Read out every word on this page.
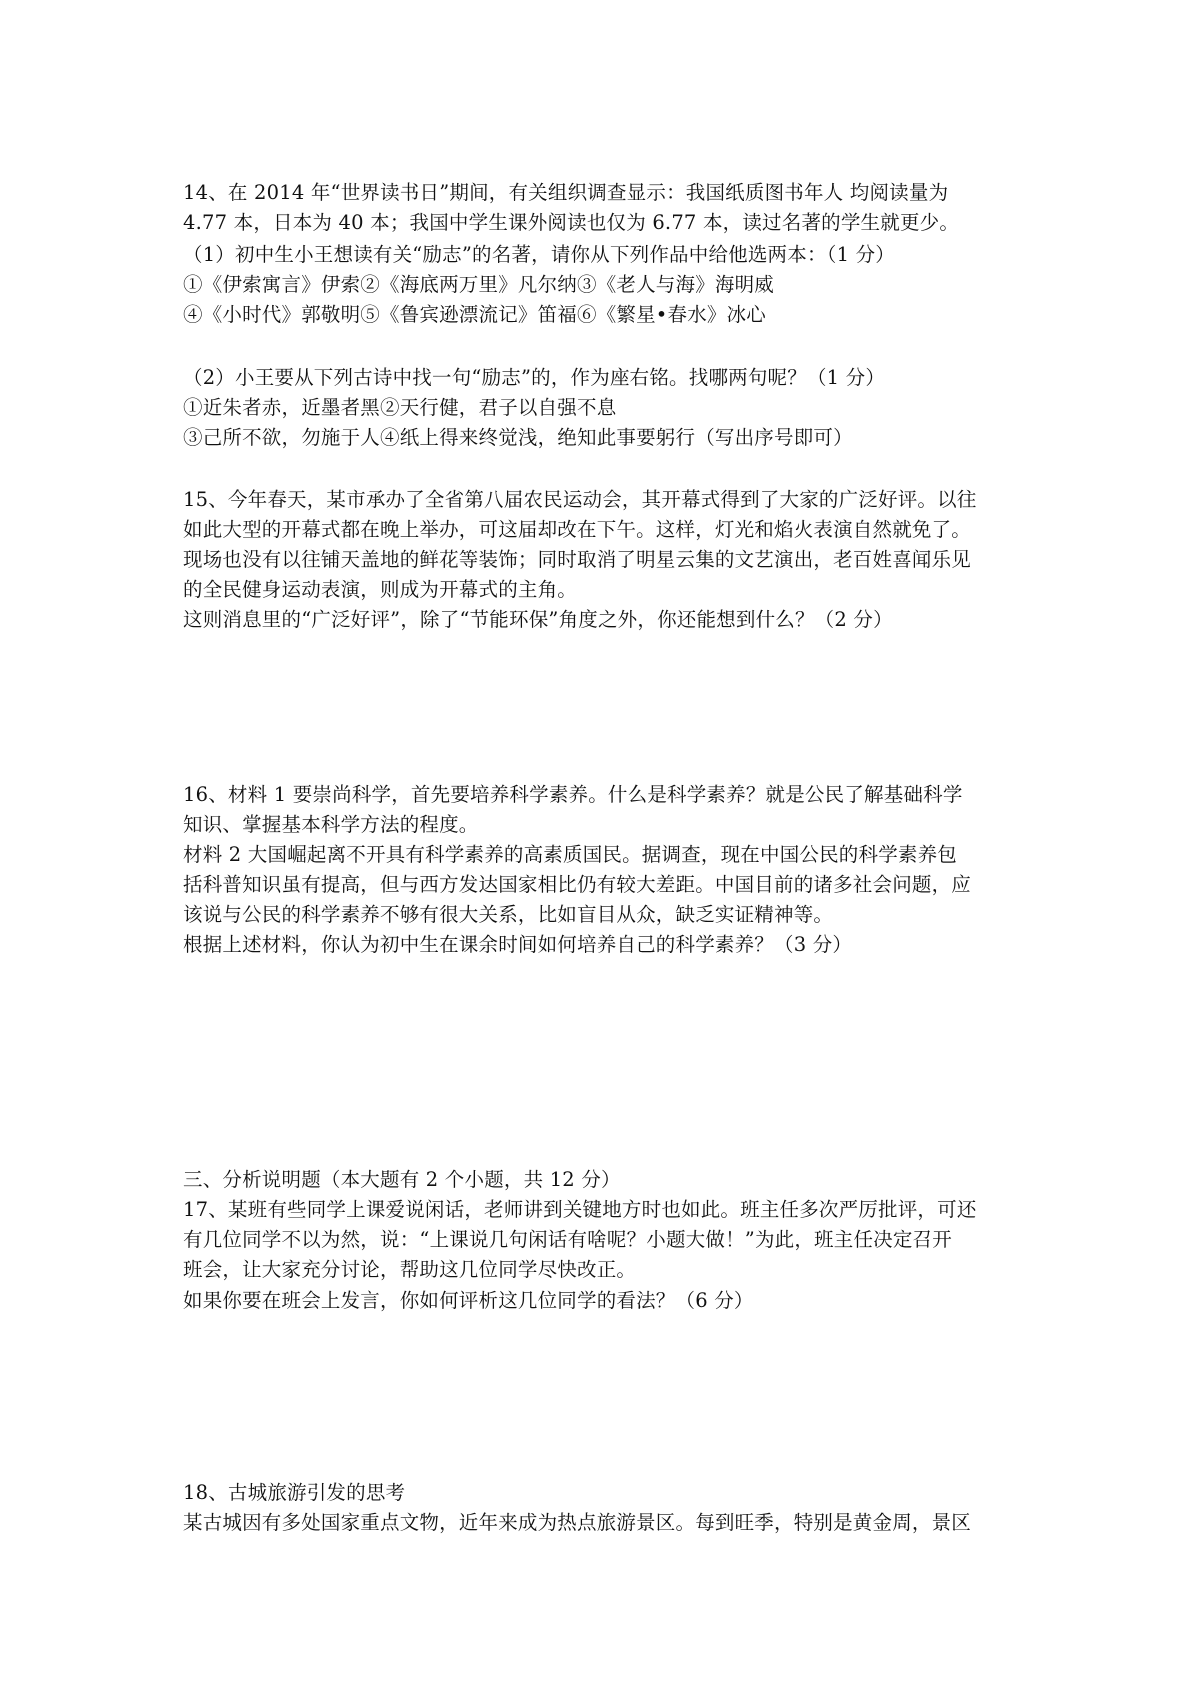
14、在 2014 年“世界读书日”期间，有关组织调查显示：我国纸质图书年人 均阅读量为
4.77 本，日本为 40 本；我国中学生课外阅读也仅为 6.77 本，读过名著的学生就更少。
（1）初中生小王想读有关“励志”的名著，请你从下列作品中给他选两本：（1 分）
①《伊索寓言》伊索②《海底两万里》凡尔纳③《老人与海》海明威
④《小时代》郭敬明⑤《鲁宾逊漂流记》笛福⑥《繁星•春水》冰心
（2）小王要从下列古诗中找一句“励志”的，作为座右铭。找哪两句呢？（1 分）
①近朱者赤，近墨者黑②天行健，君子以自强不息
③己所不欲，勿施于人④纸上得来终觉浅，绝知此事要躬行（写出序号即可）
15、今年春天，某市承办了全省第八届农民运动会，其开幕式得到了大家的广泛好评。以往
如此大型的开幕式都在晚上举办，可这届却改在下午。这样，灯光和焰火表演自然就免了。
现场也没有以往铺天盖地的鲜花等装饰；同时取消了明星云集的文艺演出，老百姓喜闻乐见
的全民健身运动表演，则成为开幕式的主角。
这则消息里的“广泛好评”，除了“节能环保”角度之外，你还能想到什么？（2 分）
16、材料 1 要崇尚科学，首先要培养科学素养。什么是科学素养？就是公民了解基础科学
知识、掌握基本科学方法的程度。
材料 2 大国崛起离不开具有科学素养的高素质国民。据调查，现在中国公民的科学素养包
括科普知识虽有提高，但与西方发达国家相比仍有较大差距。中国目前的诸多社会问题，应
该说与公民的科学素养不够有很大关系，比如盲目从众，缺乏实证精神等。
根据上述材料，你认为初中生在课余时间如何培养自己的科学素养？（3 分）
三、分析说明题（本大题有 2 个小题，共 12 分）
17、某班有些同学上课爱说闲话，老师讲到关键地方时也如此。班主任多次严厉批评，可还
有几位同学不以为然，说：“上课说几句闲话有啥呢？小题大做！”为此，班主任决定召开
班会，让大家充分讨论，帮助这几位同学尽快改正。
如果你要在班会上发言，你如何评析这几位同学的看法？（6 分）
18、古城旅游引发的思考
某古城因有多处国家重点文物，近年来成为热点旅游景区。每到旺季，特别是黄金周，景区
